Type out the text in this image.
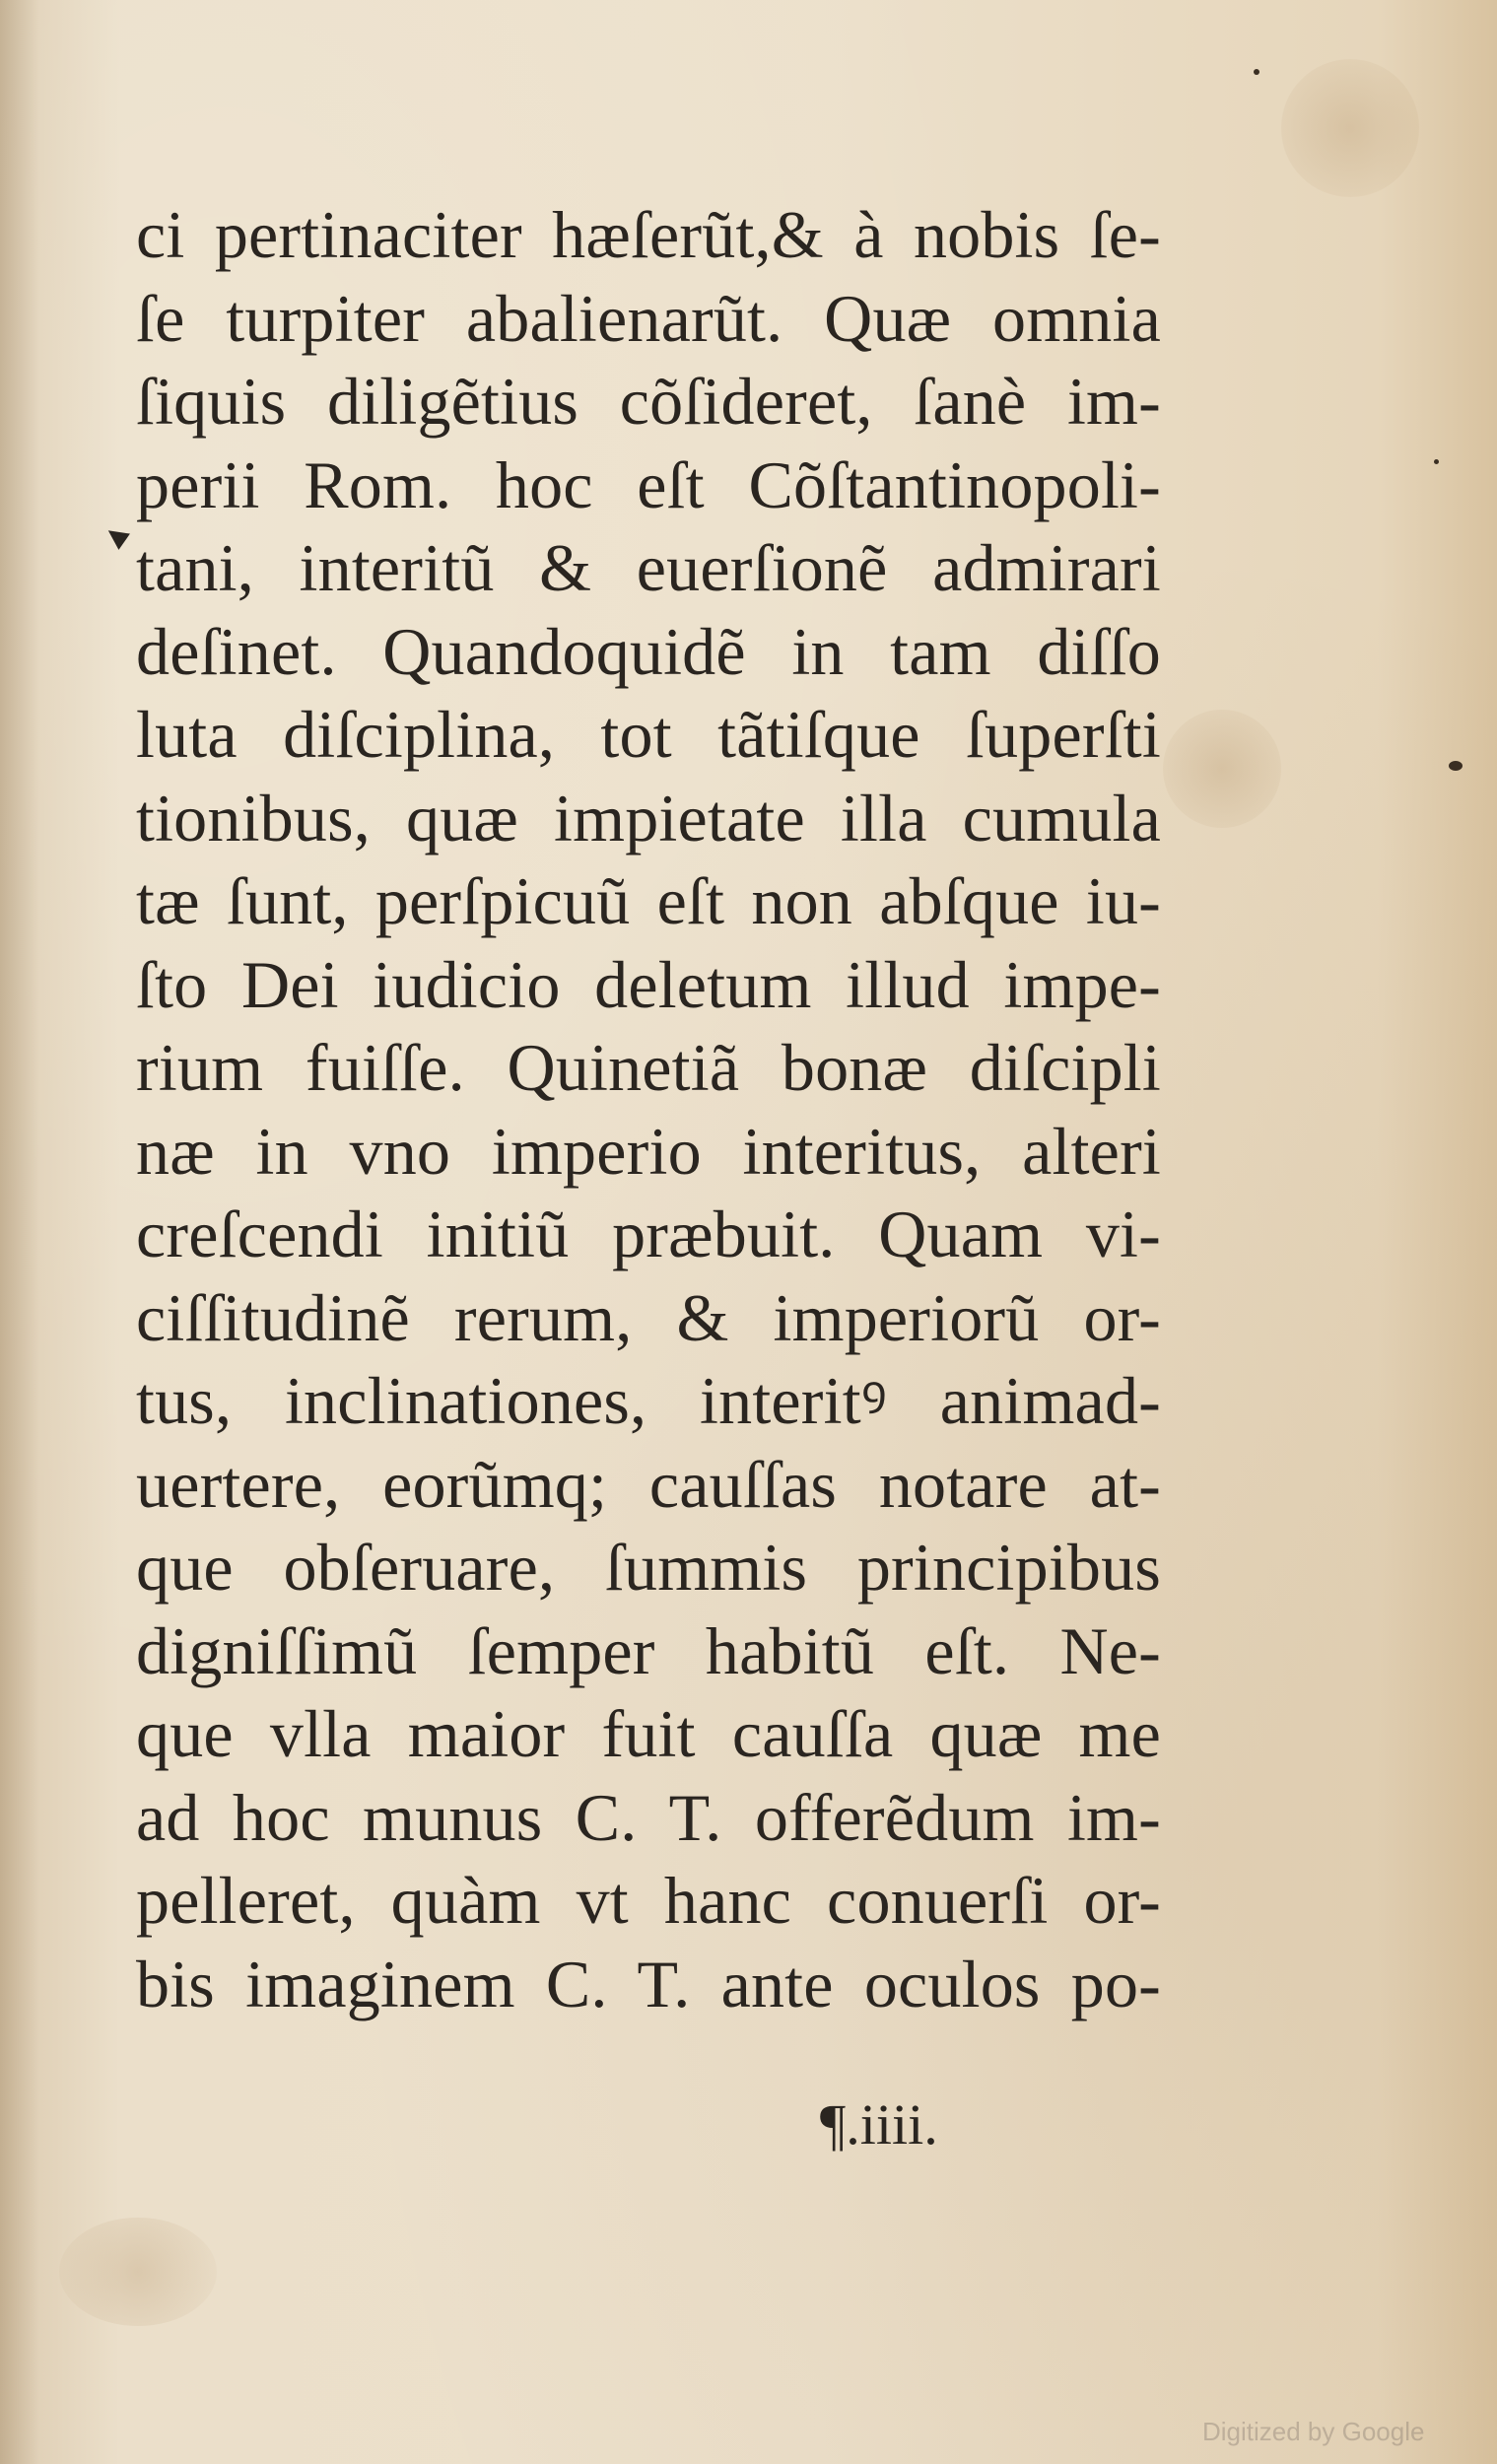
ci pertinaciter hæſerũt,& à nobis ſe-
ſe turpiter abalienarũt. Quæ omnia
ſiquis diligẽtius cõſideret, ſanè im-
perii Rom. hoc eſt Cõſtantinopoli-
tani, interitũ & euerſionẽ admirari
deſinet. Quandoquidẽ in tam diſſo
luta diſciplina, tot tãtiſque ſuperſti
tionibus, quæ impietate illa cumula
tæ ſunt, perſpicuũ eſt non abſque iu-
ſto Dei iudicio deletum illud impe-
rium fuiſſe. Quinetiã bonæ diſcipli
næ in vno imperio interitus, alteri
creſcendi initiũ præbuit. Quam vi-
ciſſitudinẽ rerum, & imperiorũ or-
tus, inclinationes, interitꝰ animad-
uertere, eorũmq; cauſſas notare at-
que obſeruare, ſummis principibus
digniſſimũ ſemper habitũ eſt. Ne-
que vlla maior fuit cauſſa quæ me
ad hoc munus C. T. offerẽdum im-
pelleret, quàm vt hanc conuerſi or-
bis imaginem C. T. ante oculos po-
¶.iiii.
Digitized by Google
